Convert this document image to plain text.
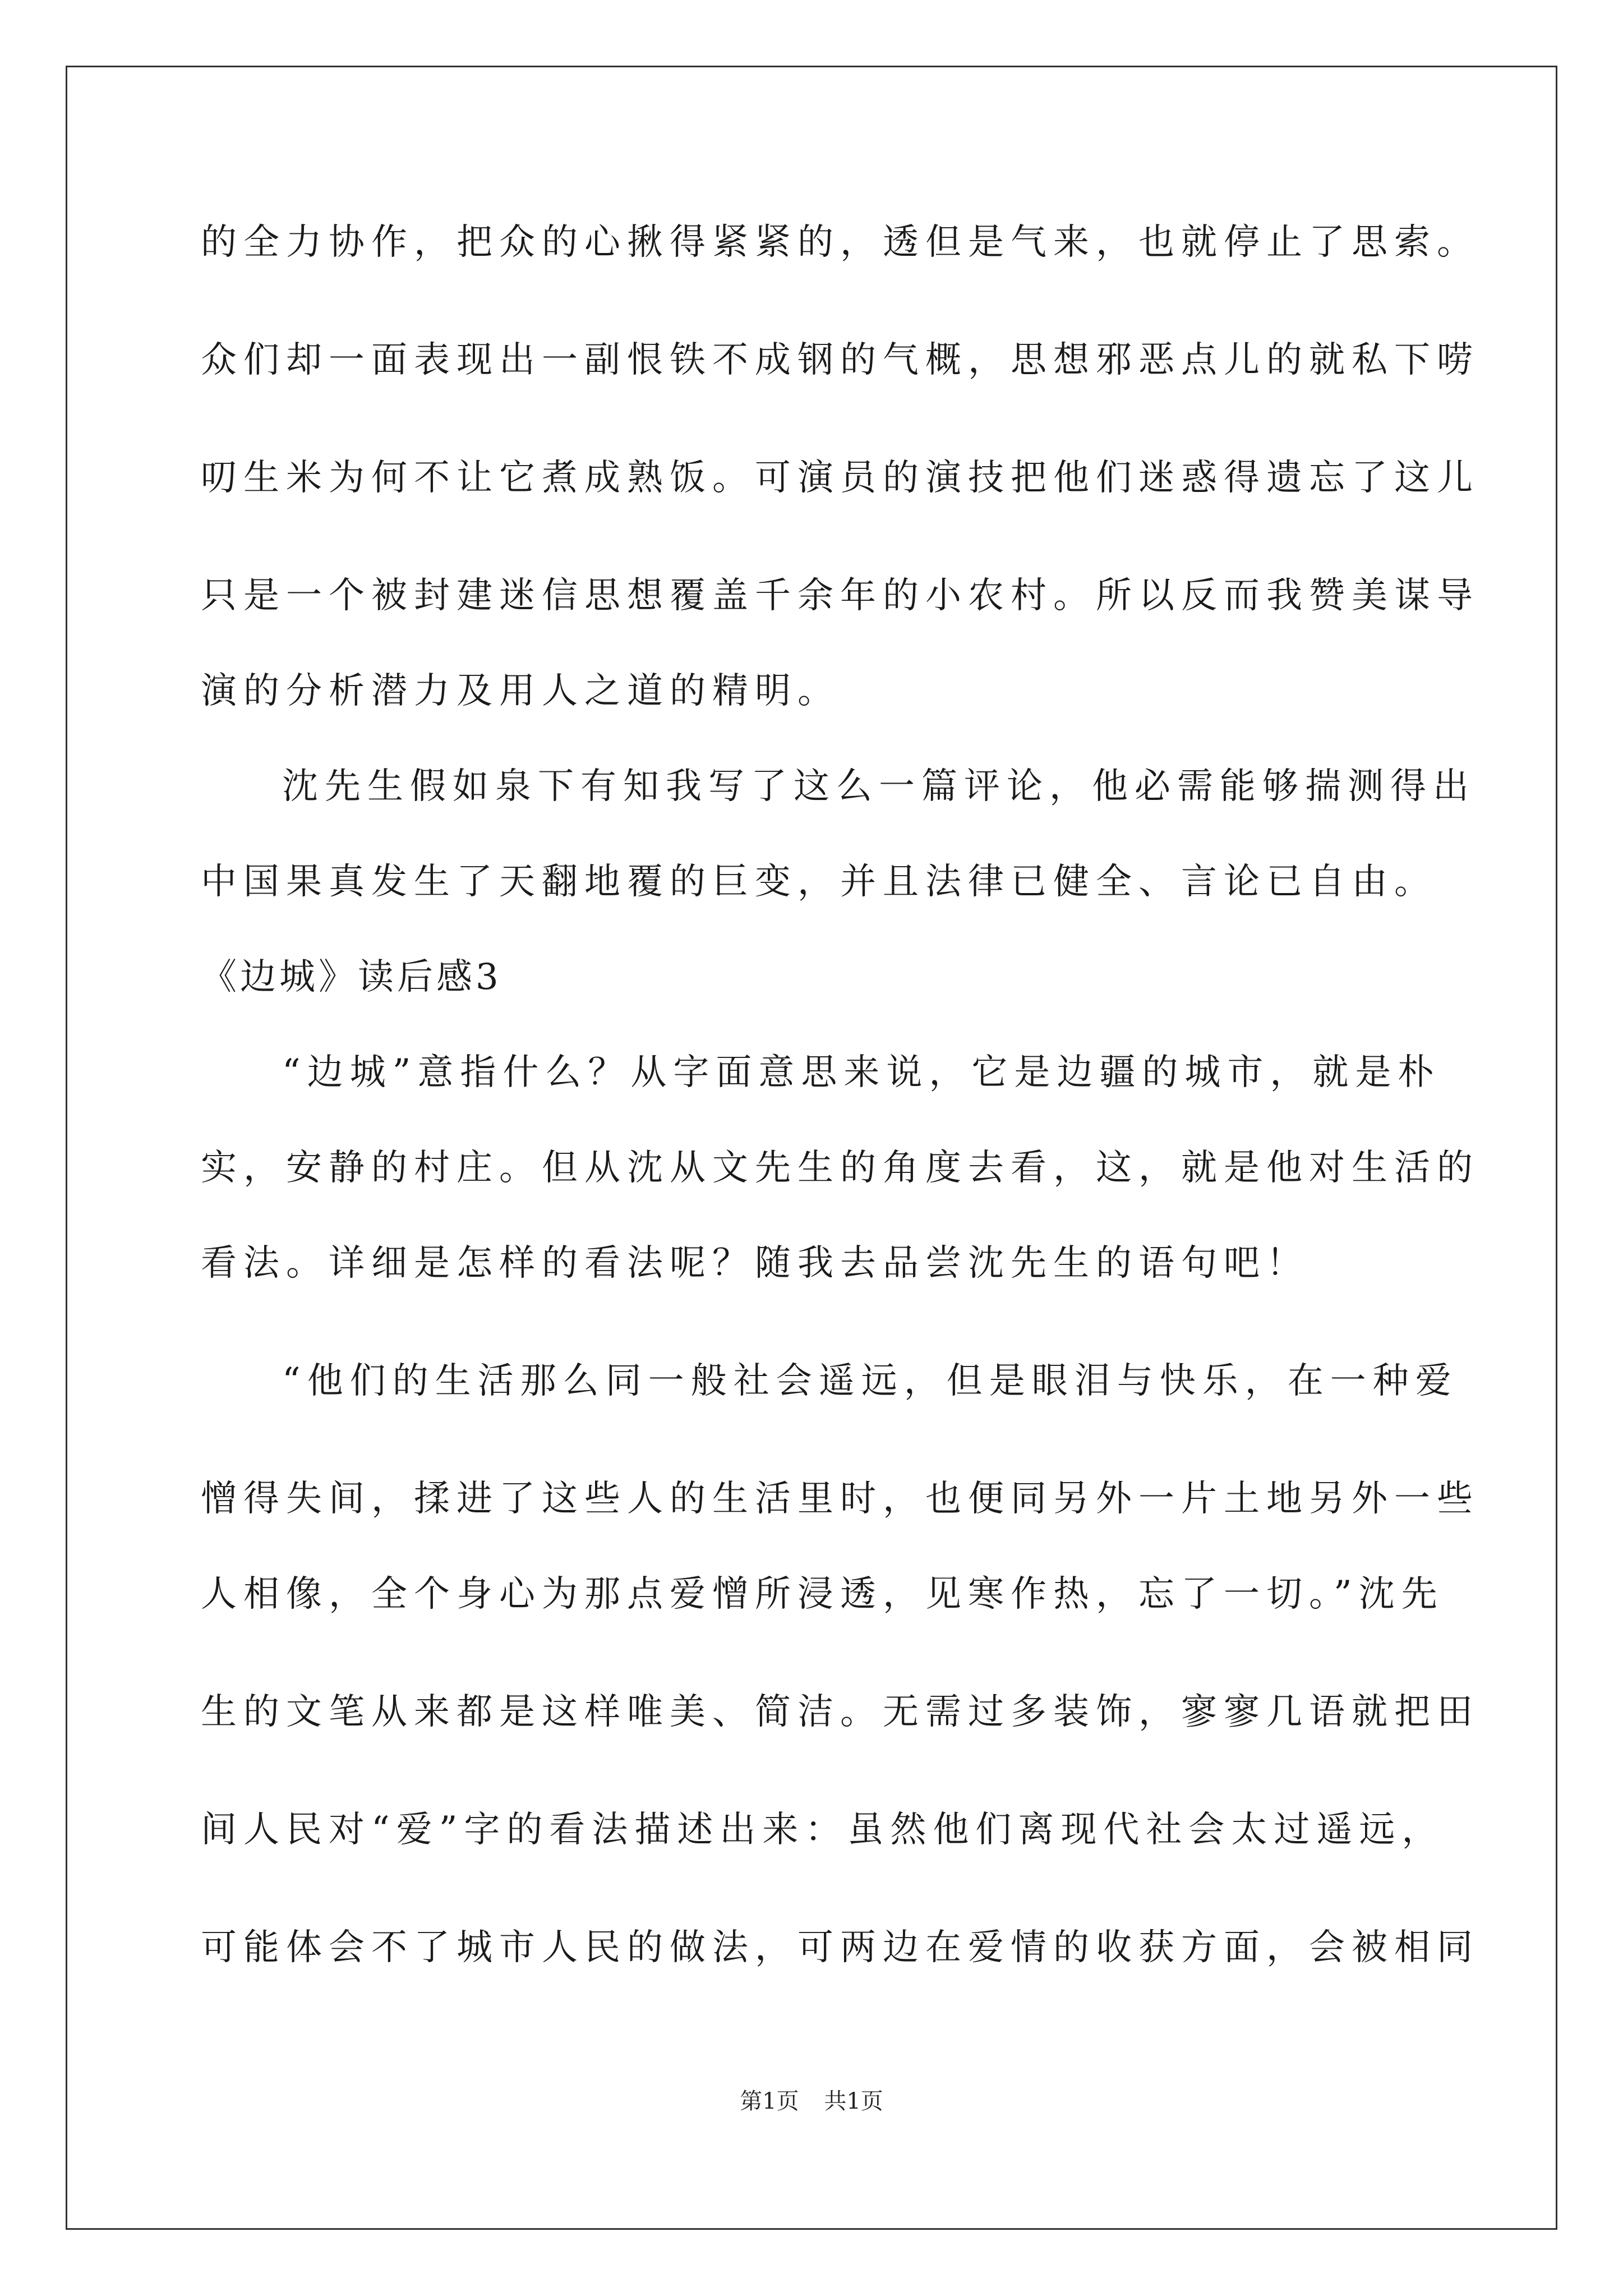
的全力协作，把众的心揪得紧紧的，透但是气来，也就停止了思索。
众们却一面表现出一副恨铁不成钢的气概，思想邪恶点儿的就私下唠
叨生米为何不让它煮成熟饭。可演员的演技把他们迷惑得遗忘了这儿
只是一个被封建迷信思想覆盖千余年的小农村。所以反而我赞美谋导
演的分析潜力及用人之道的精明。
沈先生假如泉下有知我写了这么一篇评论，他必需能够揣测得出
中国果真发生了天翻地覆的巨变，并且法律已健全、言论已自由。
《边城》读后感3
“边城”意指什么？从字面意思来说，它是边疆的城市，就是朴
实，安静的村庄。但从沈从文先生的角度去看，这，就是他对生活的
看法。详细是怎样的看法呢？随我去品尝沈先生的语句吧！
“他们的生活那么同一般社会遥远，但是眼泪与快乐，在一种爱
憎得失间，揉进了这些人的生活里时，也便同另外一片土地另外一些
人相像，全个身心为那点爱憎所浸透，见寒作热，忘了一切。”沈先
生的文笔从来都是这样唯美、简洁。无需过多装饰，寥寥几语就把田
间人民对“爱”字的看法描述出来：虽然他们离现代社会太过遥远，
可能体会不了城市人民的做法，可两边在爱情的收获方面，会被相同
第1页 共1页
